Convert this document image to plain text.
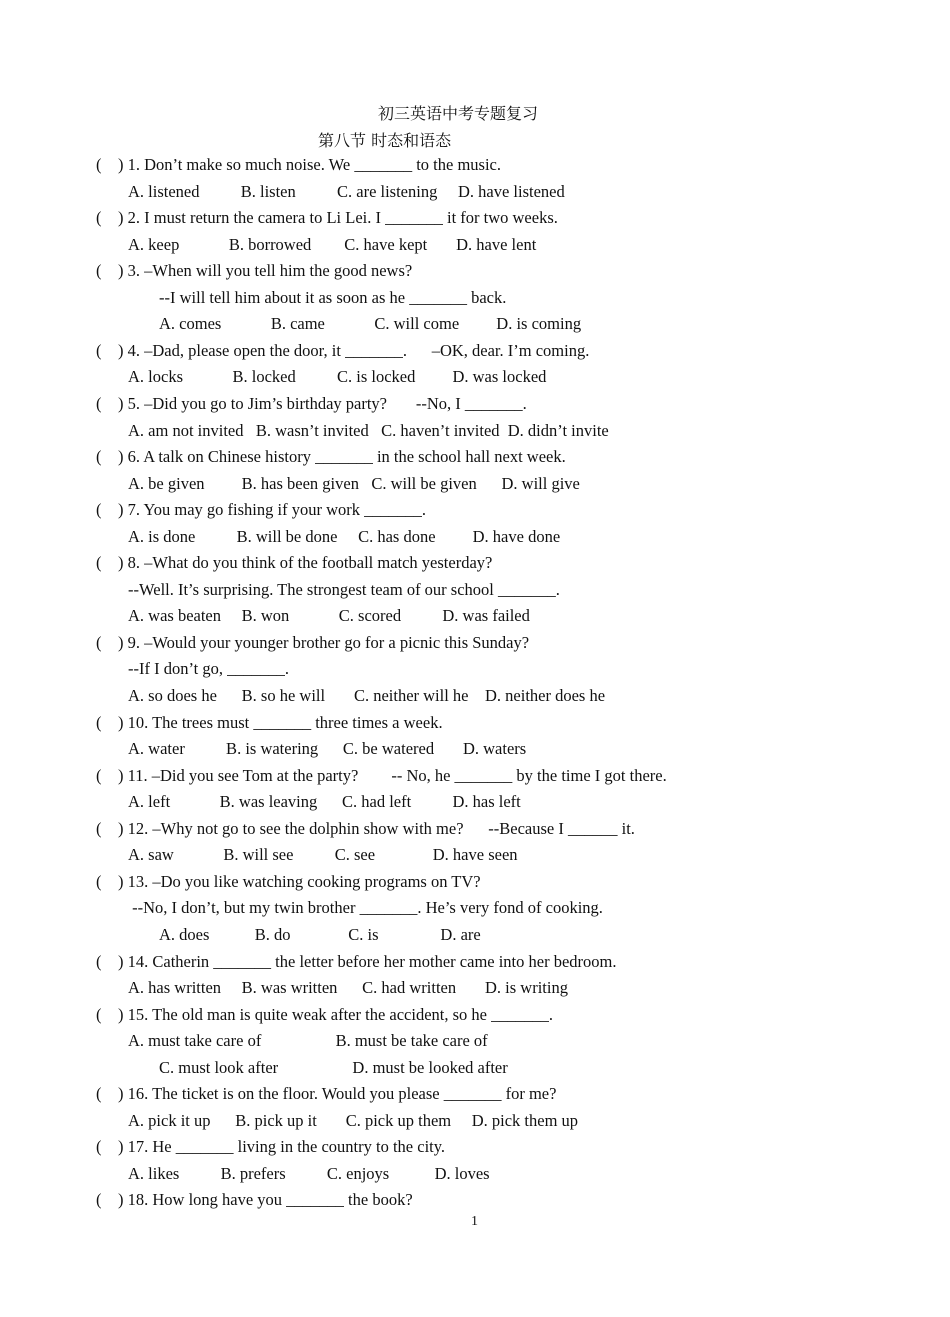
初三英语中考专题复习
第八节 时态和语态
(    ) 1. Don’t make so much noise. We _______ to the music.
A. listened          B. listen          C. are listening     D. have listened
(    ) 2. I must return the camera to Li Lei. I _______ it for two weeks.
A. keep            B. borrowed        C. have kept       D. have lent
(    ) 3. –When will you tell him the good news?
--I will tell him about it as soon as he _______ back.
A. comes            B. came            C. will come         D. is coming
(    ) 4. –Dad, please open the door, it _______.      –OK, dear. I’m coming.
A. locks            B. locked          C. is locked         D. was locked
(    ) 5. –Did you go to Jim’s birthday party?       --No, I _______.
A. am not invited   B. wasn’t invited   C. haven’t invited  D. didn’t invite
(    ) 6. A talk on Chinese history _______ in the school hall next week.
A. be given         B. has been given   C. will be given      D. will give
(    ) 7. You may go fishing if your work _______.
A. is done          B. will be done     C. has done         D. have done
(    ) 8. –What do you think of the football match yesterday?
--Well. It’s surprising. The strongest team of our school _______.
A. was beaten     B. won            C. scored          D. was failed
(    ) 9. –Would your younger brother go for a picnic this Sunday?
--If I don’t go, _______.
A. so does he      B. so he will       C. neither will he    D. neither does he
(    ) 10. The trees must _______ three times a week.
A. water          B. is watering      C. be watered       D. waters
(    ) 11. –Did you see Tom at the party?        -- No, he _______ by the time I got there.
A. left            B. was leaving      C. had left          D. has left
(    ) 12. –Why not go to see the dolphin show with me?      --Because I ______ it.
A. saw            B. will see          C. see              D. have seen
(    ) 13. –Do you like watching cooking programs on TV?
--No, I don’t, but my twin brother _______. He’s very fond of cooking.
A. does           B. do              C. is               D. are
(    ) 14. Catherin _______ the letter before her mother came into her bedroom.
A. has written     B. was written      C. had written       D. is writing
(    ) 15. The old man is quite weak after the accident, so he _______.
A. must take care of                  B. must be take care of
C. must look after                  D. must be looked after
(    ) 16. The ticket is on the floor. Would you please _______ for me?
A. pick it up      B. pick up it       C. pick up them     D. pick them up
(    ) 17. He _______ living in the country to the city.
A. likes          B. prefers          C. enjoys           D. loves
(    ) 18. How long have you _______ the book?
1
